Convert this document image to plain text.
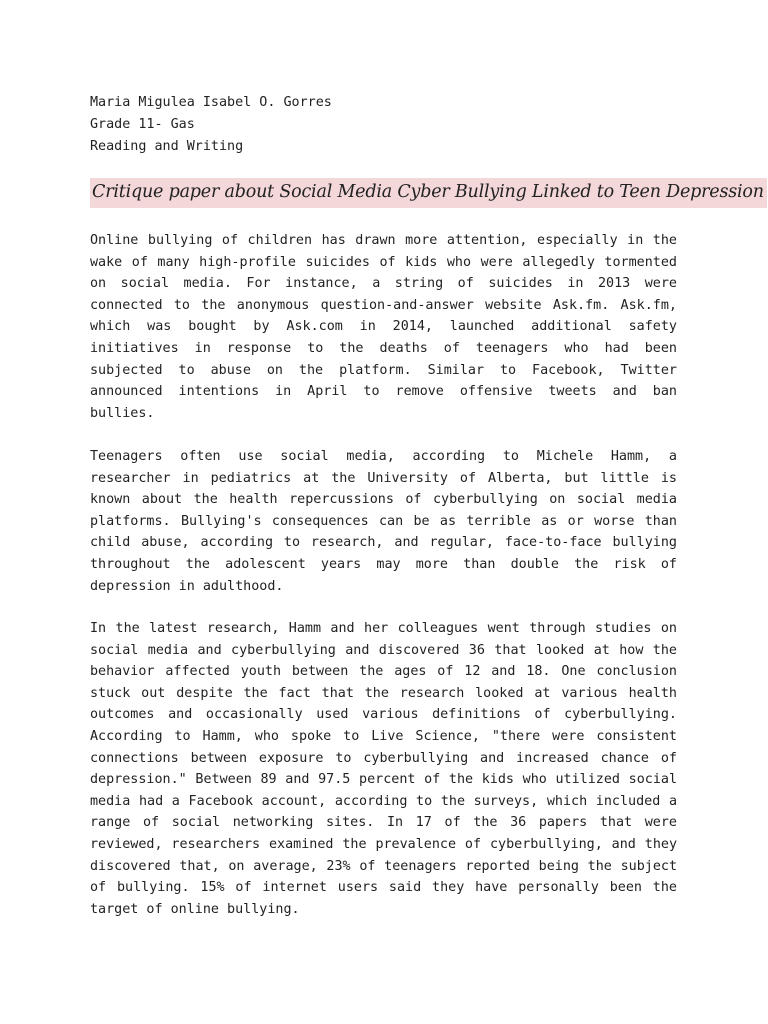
Maria Migulea Isabel O. Gorres
Grade 11- Gas
Reading and Writing
Critique paper about Social Media Cyber Bullying Linked to Teen Depression

Online bullying of children has drawn more attention, especially in the wake of many high-profile suicides of kids who were allegedly tormented on social media. For instance, a string of suicides in 2013 were connected to the anonymous question-and-answer website Ask.fm. Ask.fm, which was bought by Ask.com in 2014, launched additional safety initiatives in response to the deaths of teenagers who had been subjected to abuse on the platform. Similar to Facebook, Twitter announced intentions in April to remove offensive tweets and ban bullies.

Teenagers often use social media, according to Michele Hamm, a researcher in pediatrics at the University of Alberta, but little is known about the health repercussions of cyberbullying on social media platforms. Bullying's consequences can be as terrible as or worse than child abuse, according to research, and regular, face-to-face bullying throughout the adolescent years may more than double the risk of depression in adulthood.

In the latest research, Hamm and her colleagues went through studies on social media and cyberbullying and discovered 36 that looked at how the behavior affected youth between the ages of 12 and 18. One conclusion stuck out despite the fact that the research looked at various health outcomes and occasionally used various definitions of cyberbullying. According to Hamm, who spoke to Live Science, "there were consistent connections between exposure to cyberbullying and increased chance of depression." Between 89 and 97.5 percent of the kids who utilized social media had a Facebook account, according to the surveys, which included a range of social networking sites. In 17 of the 36 papers that were reviewed, researchers examined the prevalence of cyberbullying, and they discovered that, on average, 23% of teenagers reported being the subject of bullying. 15% of internet users said they have personally been the target of online bullying.
